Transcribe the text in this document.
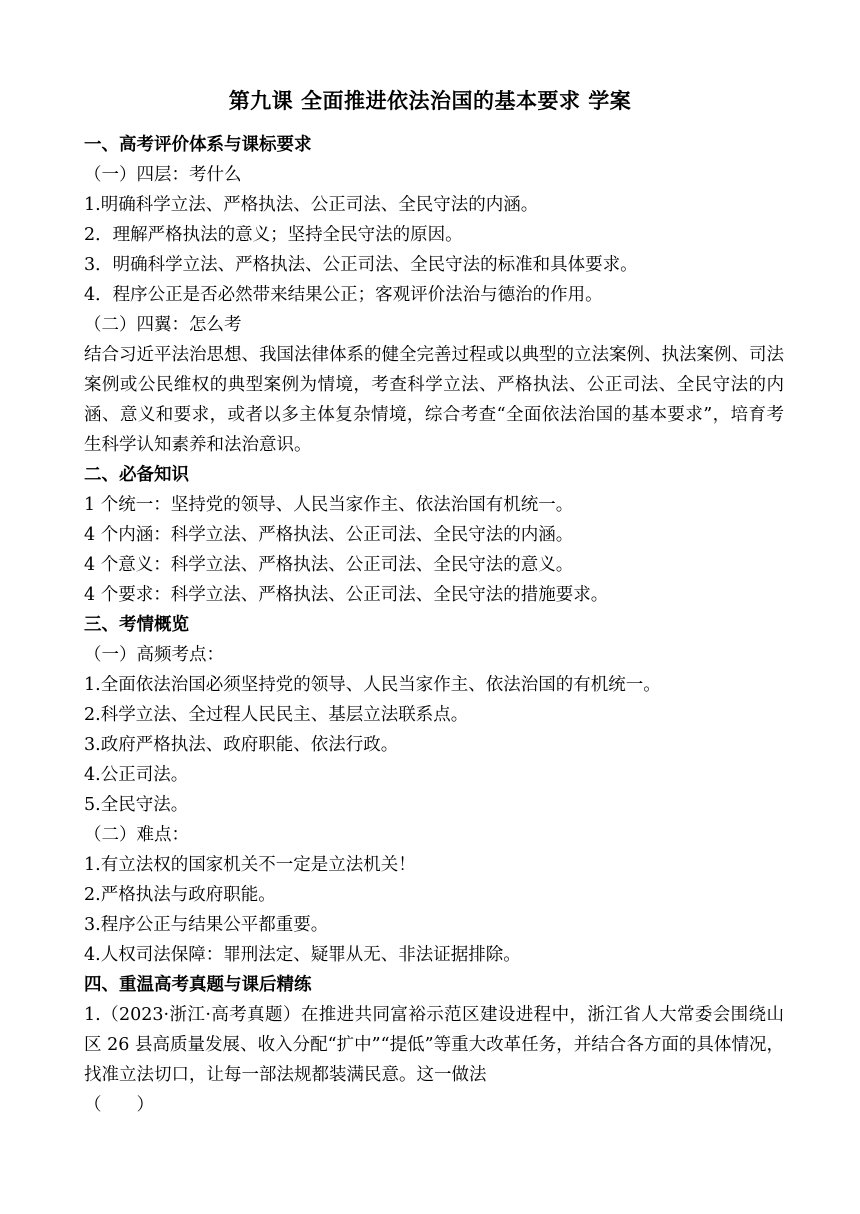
第九课 全面推进依法治国的基本要求 学案
一、高考评价体系与课标要求
（一）四层：考什么
1.明确科学立法、严格执法、公正司法、全民守法的内涵。
2．理解严格执法的意义；坚持全民守法的原因。
3．明确科学立法、严格执法、公正司法、全民守法的标准和具体要求。
4．程序公正是否必然带来结果公正；客观评价法治与德治的作用。
（二）四翼：怎么考
结合习近平法治思想、我国法律体系的健全完善过程或以典型的立法案例、执法案例、司法案例或公民维权的典型案例为情境，考查科学立法、严格执法、公正司法、全民守法的内涵、意义和要求，或者以多主体复杂情境，综合考查“全面依法治国的基本要求”，培育考生科学认知素养和法治意识。
二、必备知识
1 个统一：坚持党的领导、人民当家作主、依法治国有机统一。
4 个内涵：科学立法、严格执法、公正司法、全民守法的内涵。
4 个意义：科学立法、严格执法、公正司法、全民守法的意义。
4 个要求：科学立法、严格执法、公正司法、全民守法的措施要求。
三、考情概览
（一）高频考点：
1.全面依法治国必须坚持党的领导、人民当家作主、依法治国的有机统一。
2.科学立法、全过程人民民主、基层立法联系点。
3.政府严格执法、政府职能、依法行政。
4.公正司法。
5.全民守法。
（二）难点：
1.有立法权的国家机关不一定是立法机关！
2.严格执法与政府职能。
3.程序公正与结果公平都重要。
4.人权司法保障：罪刑法定、疑罪从无、非法证据排除。
四、重温高考真题与课后精练
1.（2023·浙江·高考真题）在推进共同富裕示范区建设进程中，浙江省人大常委会围绕山区 26 县高质量发展、收入分配“扩中”“提低”等重大改革任务，并结合各方面的具体情况，找准立法切口，让每一部法规都装满民意。这一做法
（　　）
